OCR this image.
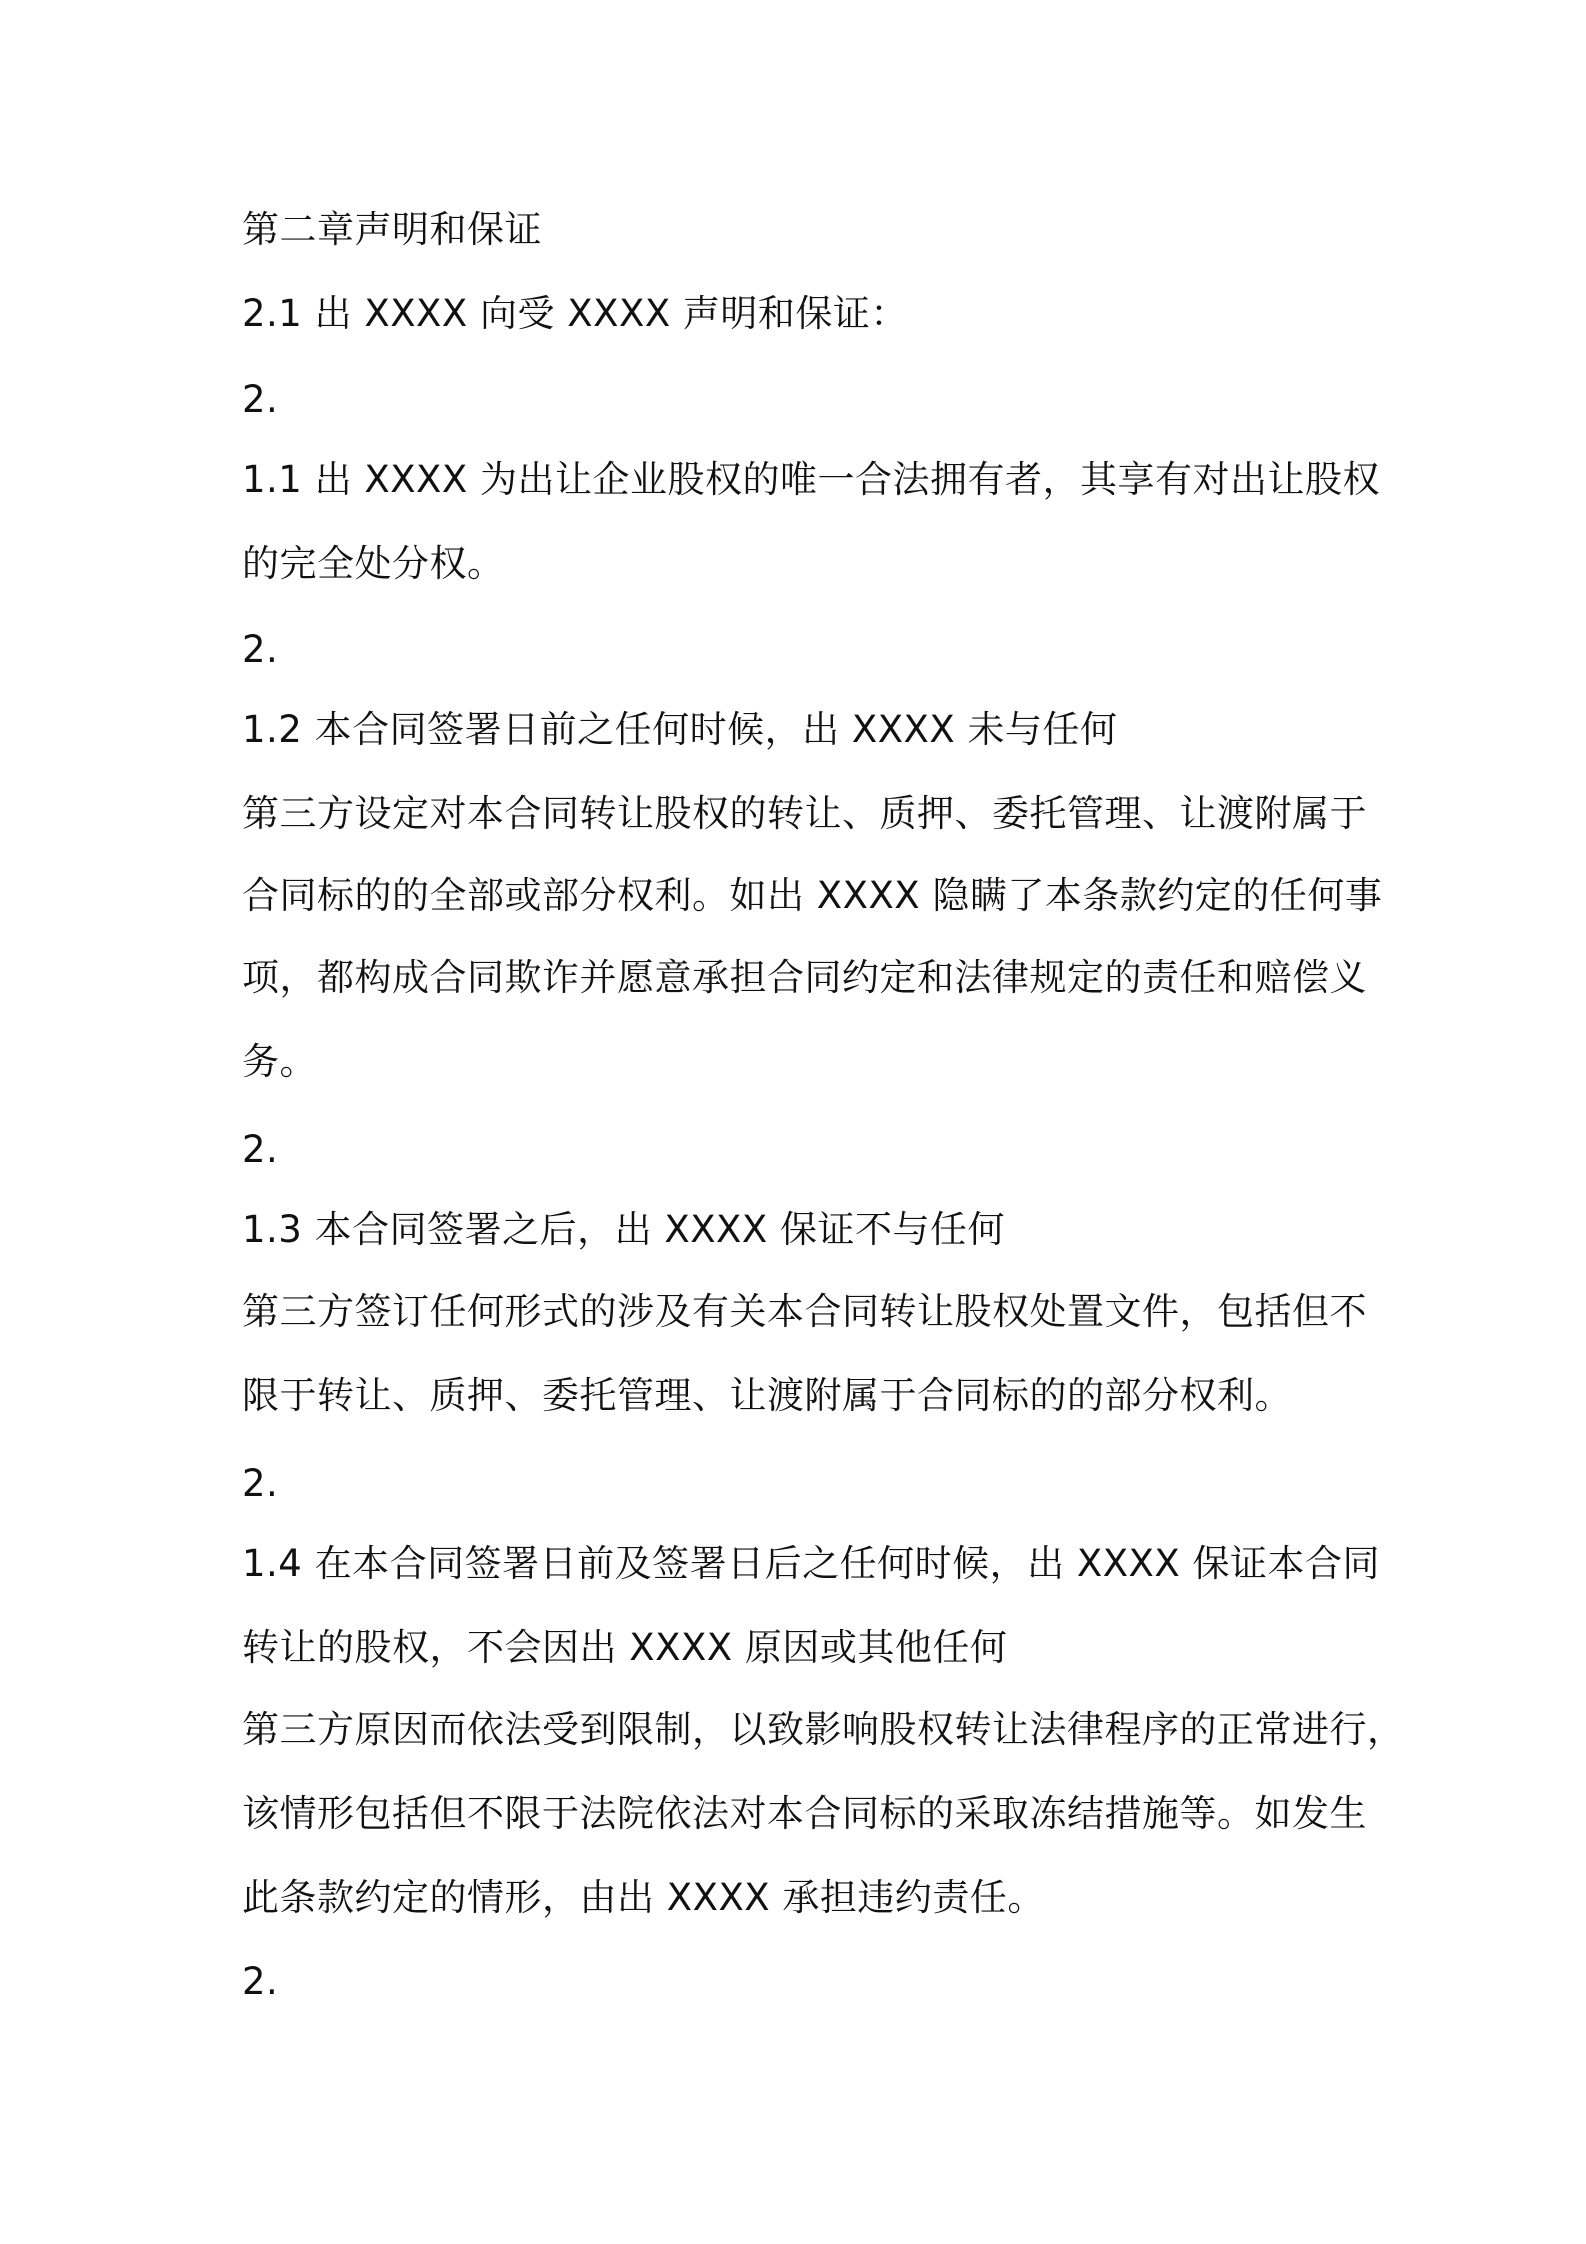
第二章声明和保证
2.1 出 XXXX 向受 XXXX 声明和保证：
2.
1.1 出 XXXX 为出让企业股权的唯一合法拥有者，其享有对出让股权
的完全处分权。
2.
1.2 本合同签署日前之任何时候，出 XXXX 未与任何
第三方设定对本合同转让股权的转让、质押、委托管理、让渡附属于
合同标的的全部或部分权利。如出 XXXX 隐瞒了本条款约定的任何事
项，都构成合同欺诈并愿意承担合同约定和法律规定的责任和赔偿义
务。
2.
1.3 本合同签署之后，出 XXXX 保证不与任何
第三方签订任何形式的涉及有关本合同转让股权处置文件，包括但不
限于转让、质押、委托管理、让渡附属于合同标的的部分权利。
2.
1.4 在本合同签署日前及签署日后之任何时候，出 XXXX 保证本合同
转让的股权，不会因出 XXXX 原因或其他任何
第三方原因而依法受到限制，以致影响股权转让法律程序的正常进行，
该情形包括但不限于法院依法对本合同标的采取冻结措施等。如发生
此条款约定的情形，由出 XXXX 承担违约责任。
2.
